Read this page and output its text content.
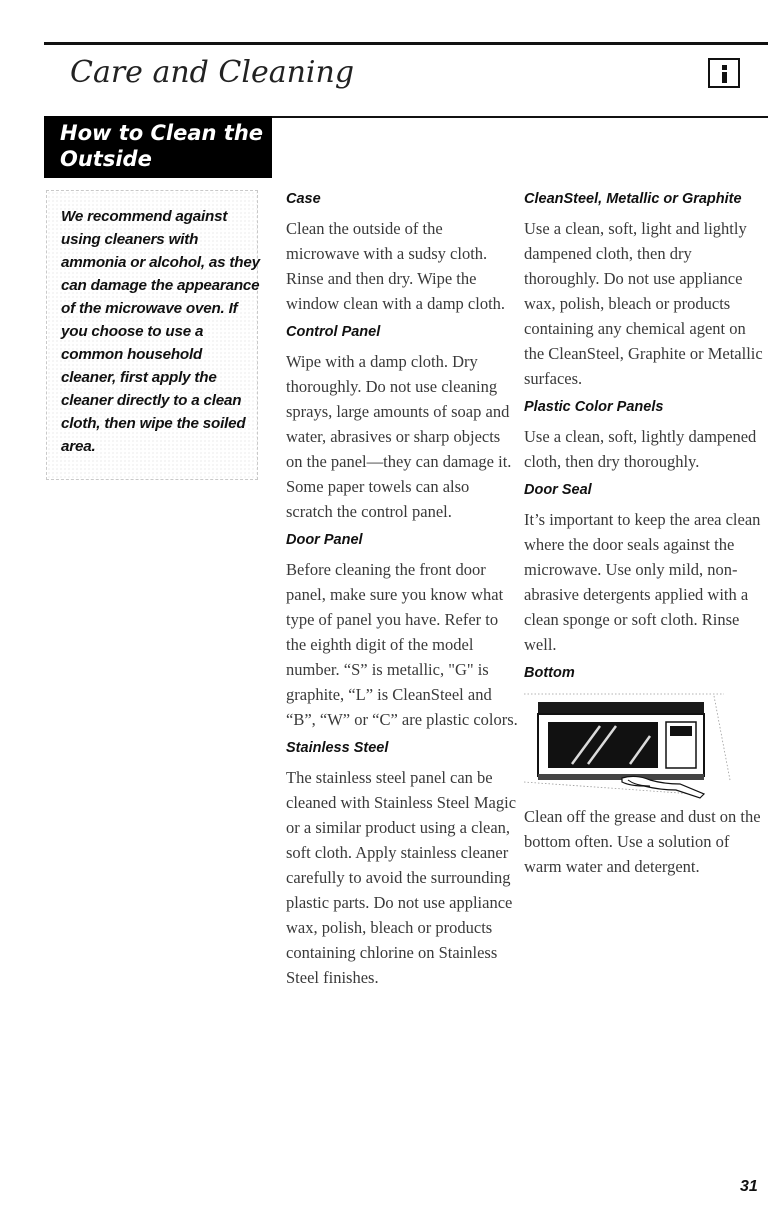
Care and Cleaning
How to Clean the Outside

We recommend against using cleaners with ammonia or alcohol, as they can damage the appearance of the microwave oven. If you choose to use a common household cleaner, first apply the cleaner directly to a clean cloth, then wipe the soiled area.

Case

Clean the outside of the microwave with a sudsy cloth. Rinse and then dry. Wipe the window clean with a damp cloth.

Control Panel

Wipe with a damp cloth. Dry thoroughly. Do not use cleaning sprays, large amounts of soap and water, abrasives or sharp objects on the panel—they can damage it. Some paper towels can also scratch the control panel.

Door Panel

Before cleaning the front door panel, make sure you know what type of panel you have. Refer to the eighth digit of the model number. “S” is metallic, "G" is graphite, “L” is CleanSteel and “B”, “W” or “C” are plastic colors.

Stainless Steel

The stainless steel panel can be cleaned with Stainless Steel Magic or a similar product using a clean, soft cloth. Apply stainless cleaner carefully to avoid the surrounding plastic parts. Do not use appliance wax, polish, bleach or products containing chlorine on Stainless Steel finishes.

CleanSteel, Metallic or Graphite

Use a clean, soft, light and lightly dampened cloth, then dry thoroughly. Do not use appliance wax, polish, bleach or products containing any chemical agent on the CleanSteel, Graphite or Metallic surfaces.

Plastic Color Panels

Use a clean, soft, lightly dampened cloth, then dry thoroughly.

Door Seal

It’s important to keep the area clean where the door seals against the microwave. Use only mild, non-abrasive detergents applied with a clean sponge or soft cloth. Rinse well.

Bottom

Clean off the grease and dust on the bottom often. Use a solution of warm water and detergent.

31
